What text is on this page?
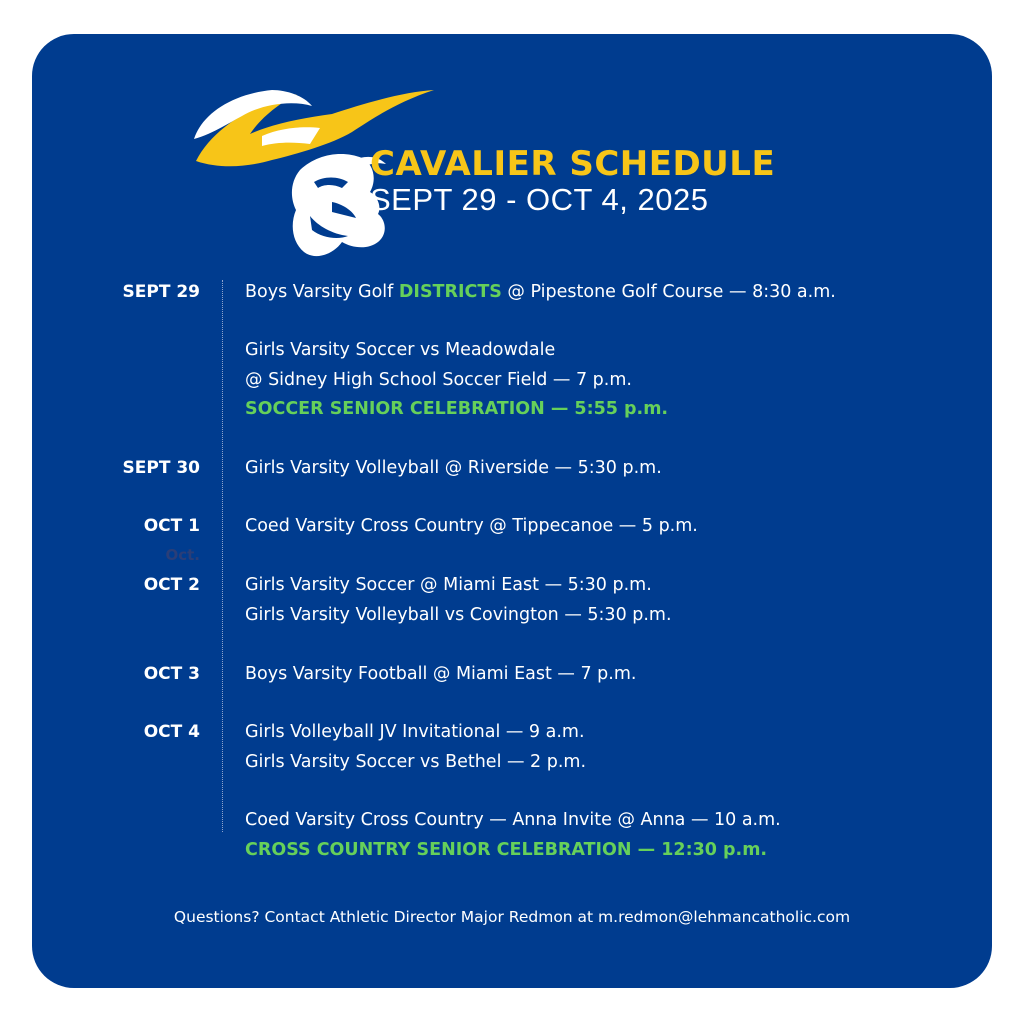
CAVALIER SCHEDULE
SEPT 29 - OCT 4, 2025
SEPT 29	Boys Varsity Golf DISTRICTS @ Pipestone Golf Course — 8:30 a.m.
Girls Varsity Soccer vs Meadowdale
@ Sidney High School Soccer Field — 7 p.m.
SOCCER SENIOR CELEBRATION — 5:55 p.m.
SEPT 30	Girls Varsity Volleyball @ Riverside — 5:30 p.m.
OCT 1	Coed Varsity Cross Country @ Tippecanoe — 5 p.m.
OCT 2	Girls Varsity Soccer @ Miami East — 5:30 p.m.
Girls Varsity Volleyball vs Covington — 5:30 p.m.
OCT 3	Boys Varsity Football @ Miami East — 7 p.m.
OCT 4	Girls Volleyball JV Invitational — 9 a.m.
Girls Varsity Soccer vs Bethel — 2 p.m.
Coed Varsity Cross Country — Anna Invite @ Anna — 10 a.m.
CROSS COUNTRY SENIOR CELEBRATION — 12:30 p.m.
Oct.
Questions? Contact Athletic Director Major Redmon at m.redmon@lehmancatholic.com
